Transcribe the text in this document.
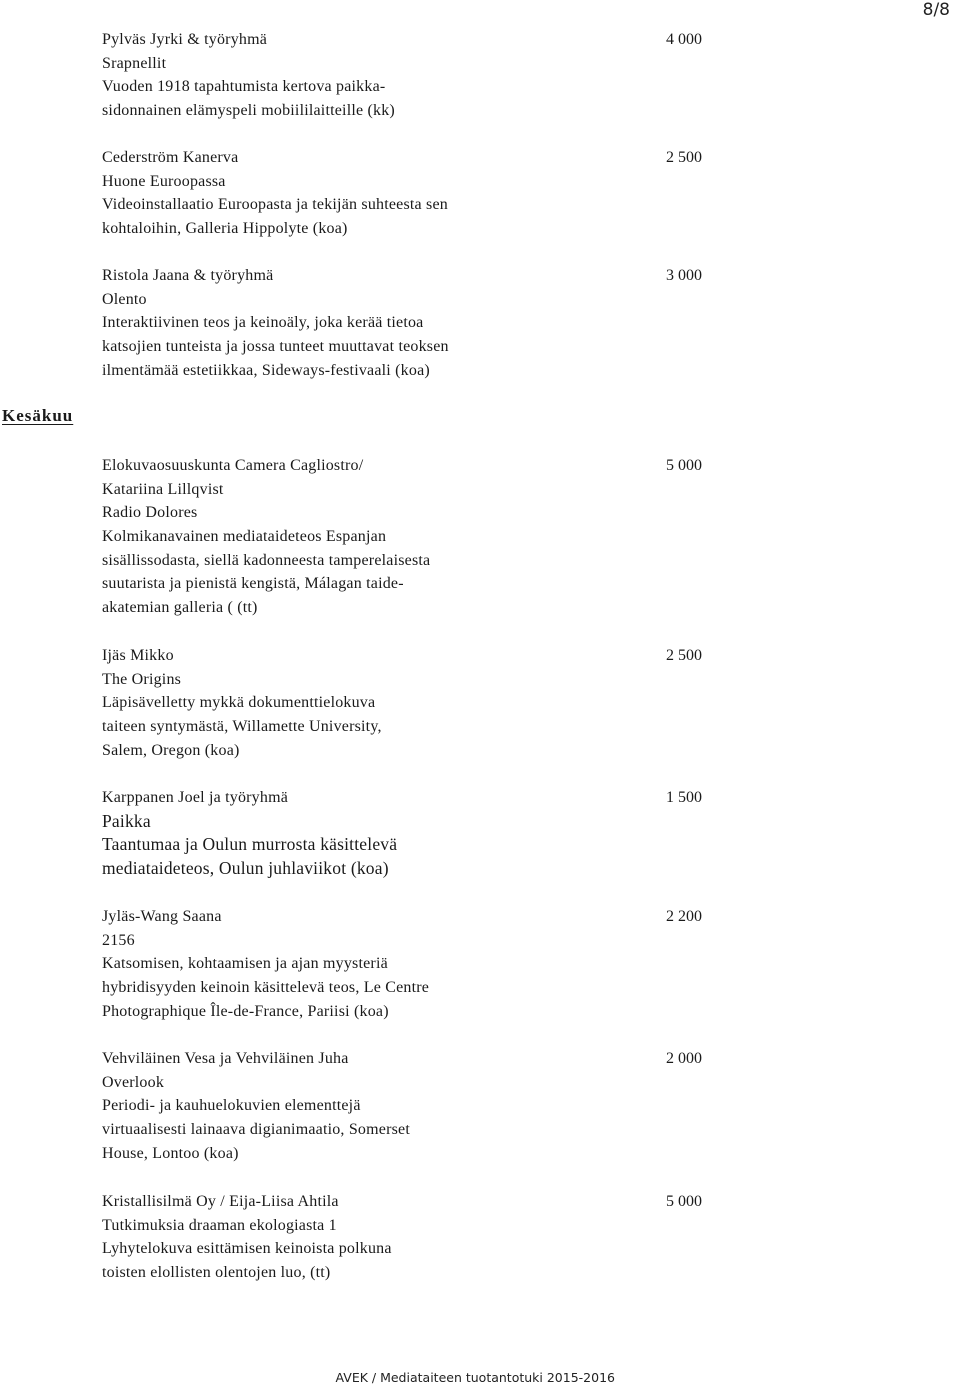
8/8
Pylväs Jyrki & työryhmä	4 000
Srapnellit
Vuoden 1918 tapahtumista kertova paikka-
sidonnainen elämyspeli mobiililaitteille (kk)
Cederström Kanerva	2 500
Huone Euroopassa
Videoinstallaatio Euroopasta ja tekijän suhteesta sen
kohtaloihin, Galleria Hippolyte (koa)
Ristola Jaana & työryhmä	3 000
Olento
Interaktiivinen teos ja keinoäly, joka kerää tietoa
katsojien tunteista ja jossa tunteet muuttavat teoksen
ilmentämää estetiikkaa, Sideways-festivaali (koa)
Kesäkuu
Elokuvaosuuskunta Camera Cagliostro/	5 000
Katariina Lillqvist
Radio Dolores
Kolmikanavainen mediataideteos Espanjan
sisällissodasta, siellä kadonneesta tamperelaisesta
suutarista ja pienistä kengistä, Málagan taide-
akatemian galleria ( (tt)
Ijäs Mikko	2 500
The Origins
Läpisävelletty mykkä dokumenttielokuva
taiteen syntymästä, Willamette University,
Salem, Oregon (koa)
Karppanen Joel ja työryhmä	1 500
Paikka
Taantumaa ja Oulun murrosta käsittelevä
mediataideteos, Oulun juhlaviikot (koa)
Jyläs-Wang Saana	2 200
2156
Katsomisen, kohtaamisen ja ajan myysteriä
hybridisyyden keinoin käsittelevä teos, Le Centre
Photographique Île-de-France, Pariisi (koa)
Vehviläinen Vesa ja Vehviläinen Juha	2 000
Overlook
Periodi- ja kauhuelokuvien elementtejä
virtuaalisesti lainaava digianimaatio, Somerset
House, Lontoo (koa)
Kristallisilmä Oy / Eija-Liisa Ahtila	5 000
Tutkimuksia draaman ekologiasta 1
Lyhytelokuva esittämisen keinoista polkuna
toisten elollisten olentojen luo, (tt)
AVEK / Mediataiteen tuotantotuki 2015-2016
